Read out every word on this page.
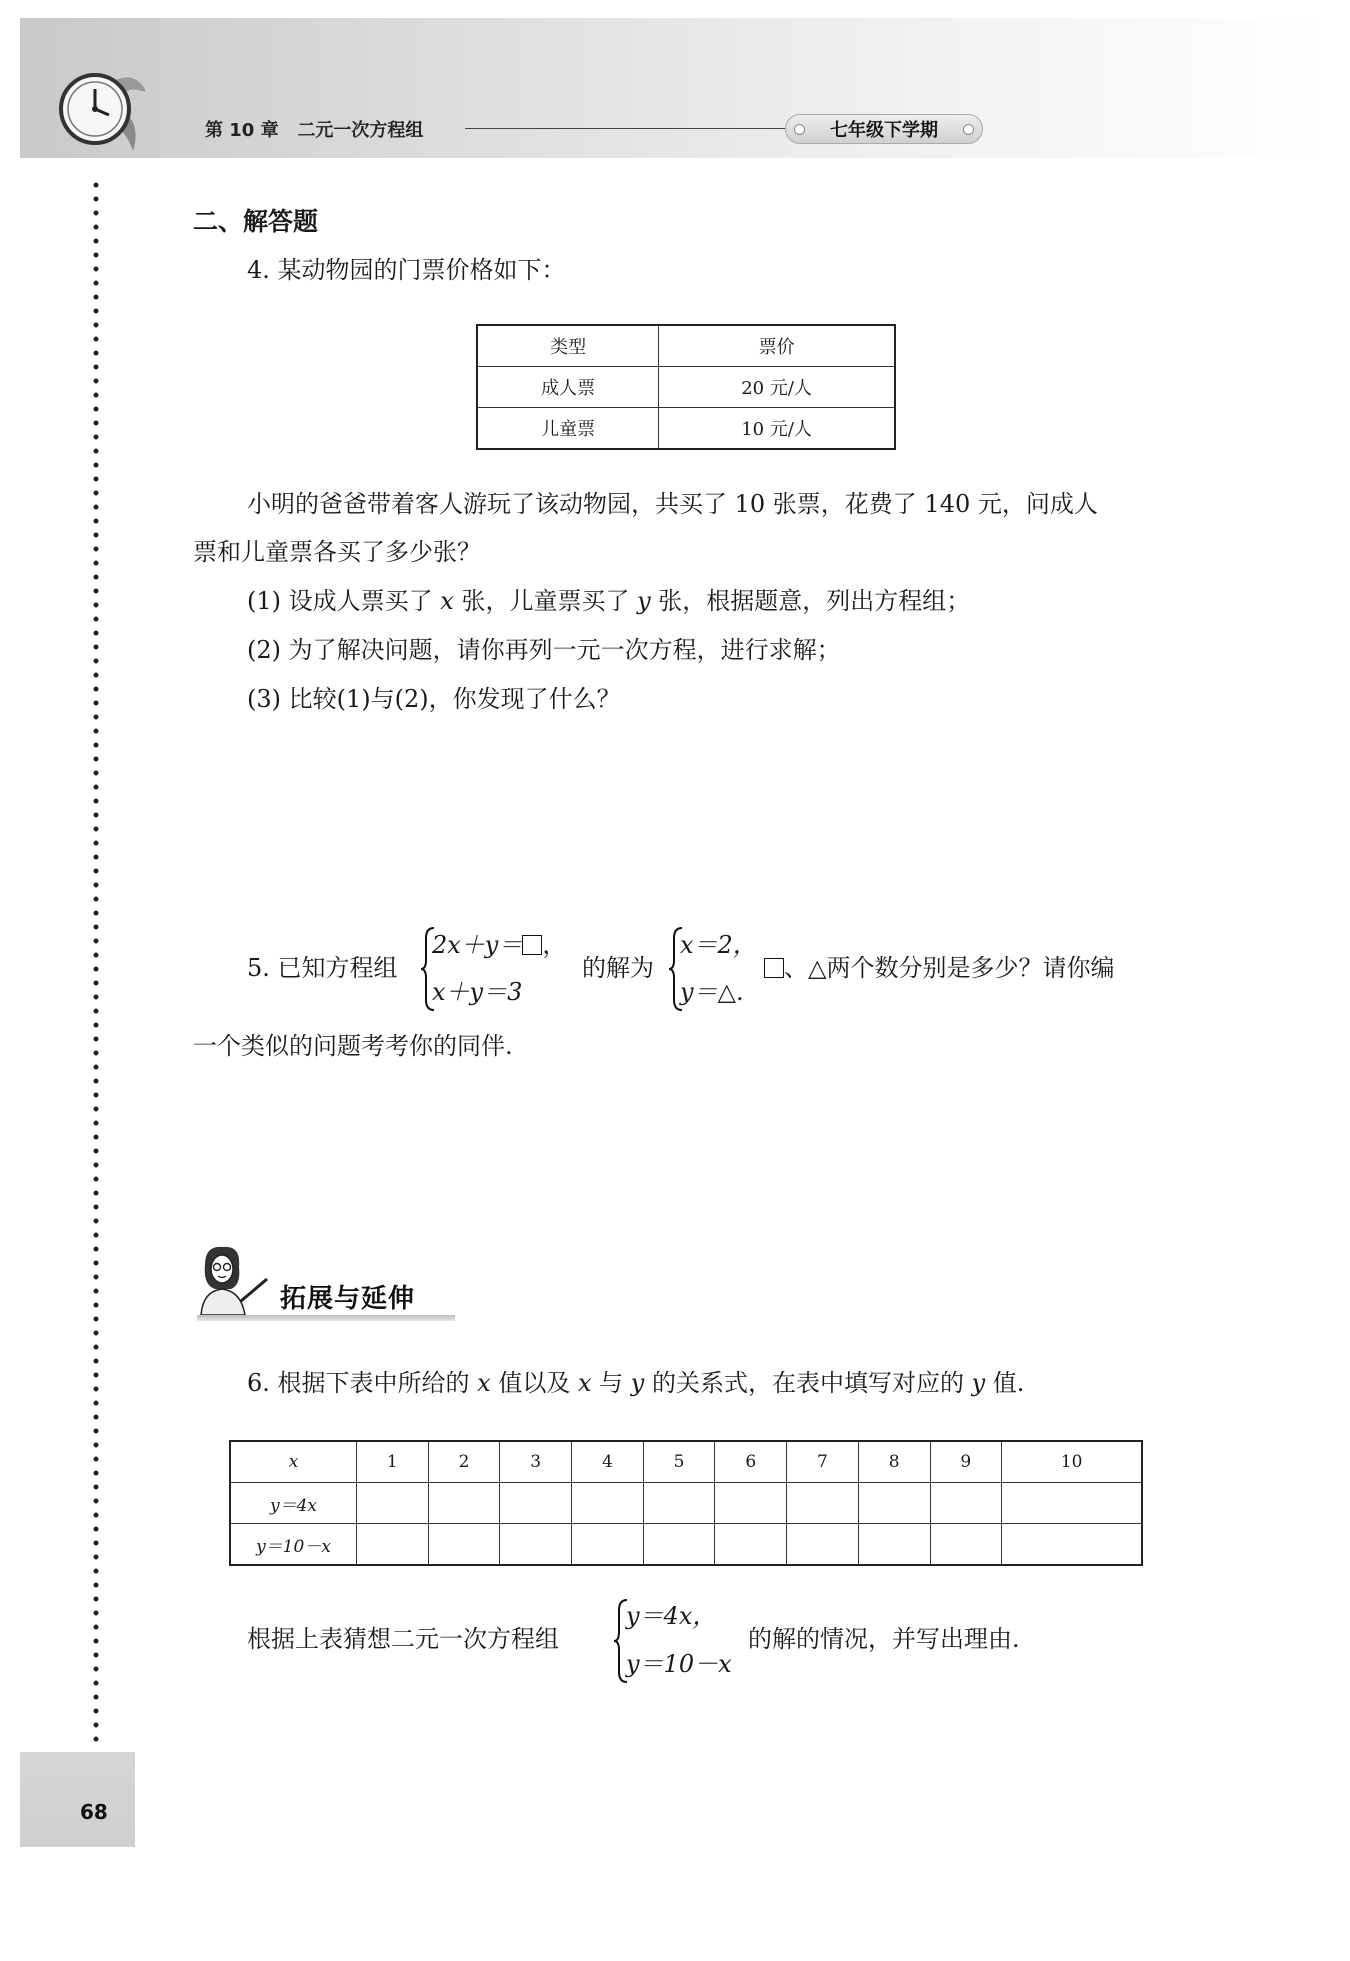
第 10 章 二元一次方程组	七年级下学期
二、解答题
4. 某动物园的门票价格如下：
类型	票价
成人票	20 元/人
儿童票	10 元/人
小明的爸爸带着客人游玩了该动物园，共买了 10 张票，花费了 140 元，问成人
票和儿童票各买了多少张？
(1) 设成人票买了 x 张，儿童票买了 y 张，根据题意，列出方程组；
(2) 为了解决问题，请你再列一元一次方程，进行求解；
(3) 比较(1)与(2)，你发现了什么？
5. 已知方程组
2x＋y＝ ，
x＋y＝3
的解为
x＝2，
y＝△.
、△两个数分别是多少？请你编
一个类似的问题考考你的同伴.
拓展与延伸
6. 根据下表中所给的 x 值以及 x 与 y 的关系式，在表中填写对应的 y 值.
x	1	2	3	4	5	6	7	8	9	10
y＝4x										
y＝10－x										
根据上表猜想二元一次方程组
y＝4x，
y＝10－x
的解的情况，并写出理由.
68
